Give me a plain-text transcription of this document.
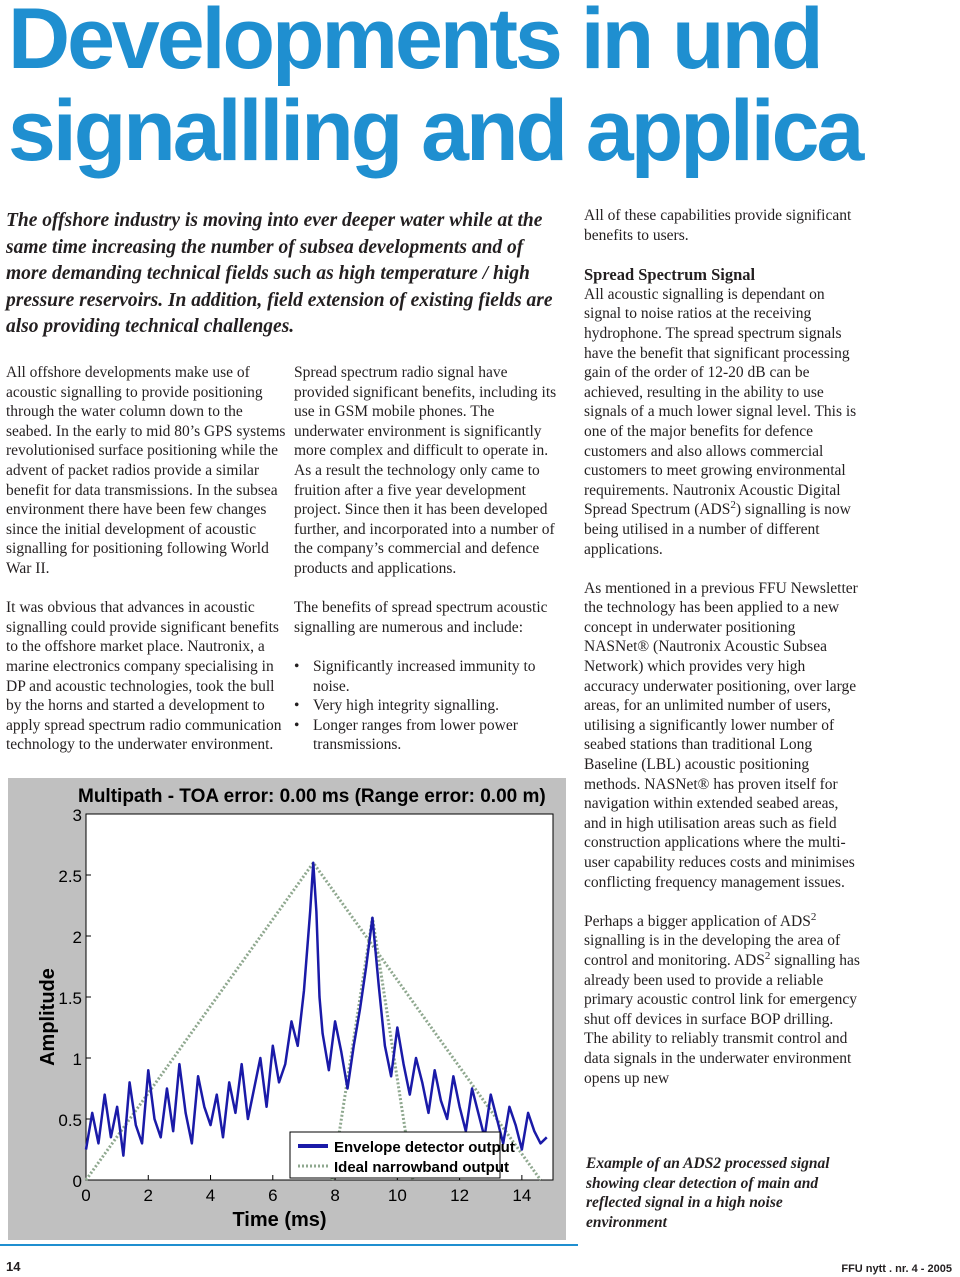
Developments in und
signallling and applica

The offshore industry is moving into ever deeper water while at the same time increasing the number of subsea developments and of more demanding technical fields such as high temperature / high pressure reservoirs. In addition, field extension of existing fields are also providing technical challenges.

All offshore developments make use of acoustic signalling to provide positioning through the water column down to the seabed. In the early to mid 80’s GPS systems revolutionised surface positioning while the advent of packet radios provide a similar benefit for data transmissions. In the subsea environment there have been few changes since the initial development of acoustic signalling for positioning following World War II.

It was obvious that advances in acoustic signalling could provide significant benefits to the offshore market place. Nautronix, a marine electronics company specialising in DP and acoustic technologies, took the bull by the horns and started a development to apply spread spectrum radio communication technology to the underwater environment.

Spread spectrum radio signal have provided significant benefits, including its use in GSM mobile phones. The underwater environment is significantly more complex and difficult to operate in. As a result the technology only came to fruition after a five year development project. Since then it has been developed further, and incorporated into a number of the company’s commercial and defence products and applications.

The benefits of spread spectrum acoustic signalling are numerous and include:

• Significantly increased immunity to noise.
• Very high integrity signalling.
• Longer ranges from lower power transmissions.

All of these capabilities provide significant benefits to users.

Spread Spectrum Signal

All acoustic signalling is dependant on signal to noise ratios at the receiving hydrophone. The spread spectrum signals have the benefit that significant processing gain of the order of 12-20 dB can be achieved, resulting in the ability to use signals of a much lower signal level. This is one of the major benefits for defence customers and also allows commercial customers to meet growing environmental requirements. Nautronix Acoustic Digital Spread Spectrum (ADS$^2$) signalling is now being utilised in a number of different applications.

As mentioned in a previous FFU Newsletter the technology has been applied to a new concept in underwater positioning NASNet® (Nautronix Acoustic Subsea Network) which provides very high accuracy underwater positioning, over large areas, for an unlimited number of users, utilising a significantly lower number of seabed stations than traditional Long Baseline (LBL) acoustic positioning methods. NASNet® has proven itself for navigation within extended seabed areas, and in high utilisation areas such as field construction applications where the multi-user capability reduces costs and minimises conflicting frequency management issues.

Perhaps a bigger application of ADS$^2$ signalling is in the developing the area of control and monitoring. ADS$^2$ signalling has already been used to provide a reliable primary acoustic control link for emergency shut off devices in surface BOP drilling. The ability to reliably transmit control and data signals in the underwater environment opens up new

Multipath - TOA error: 0.00 ms (Range error: 0.00 m)
0
0.5
1
1.5
2
2.5
3
0	2	4	6	8	10	12	14
Time (ms)
Amplitude
Envelope detector output
Ideal narrowband output	Example of an ADS2 processed signal showing clear detection of main and reflected signal in a high noise environment

14	FFU nytt . nr. 4 - 2005
